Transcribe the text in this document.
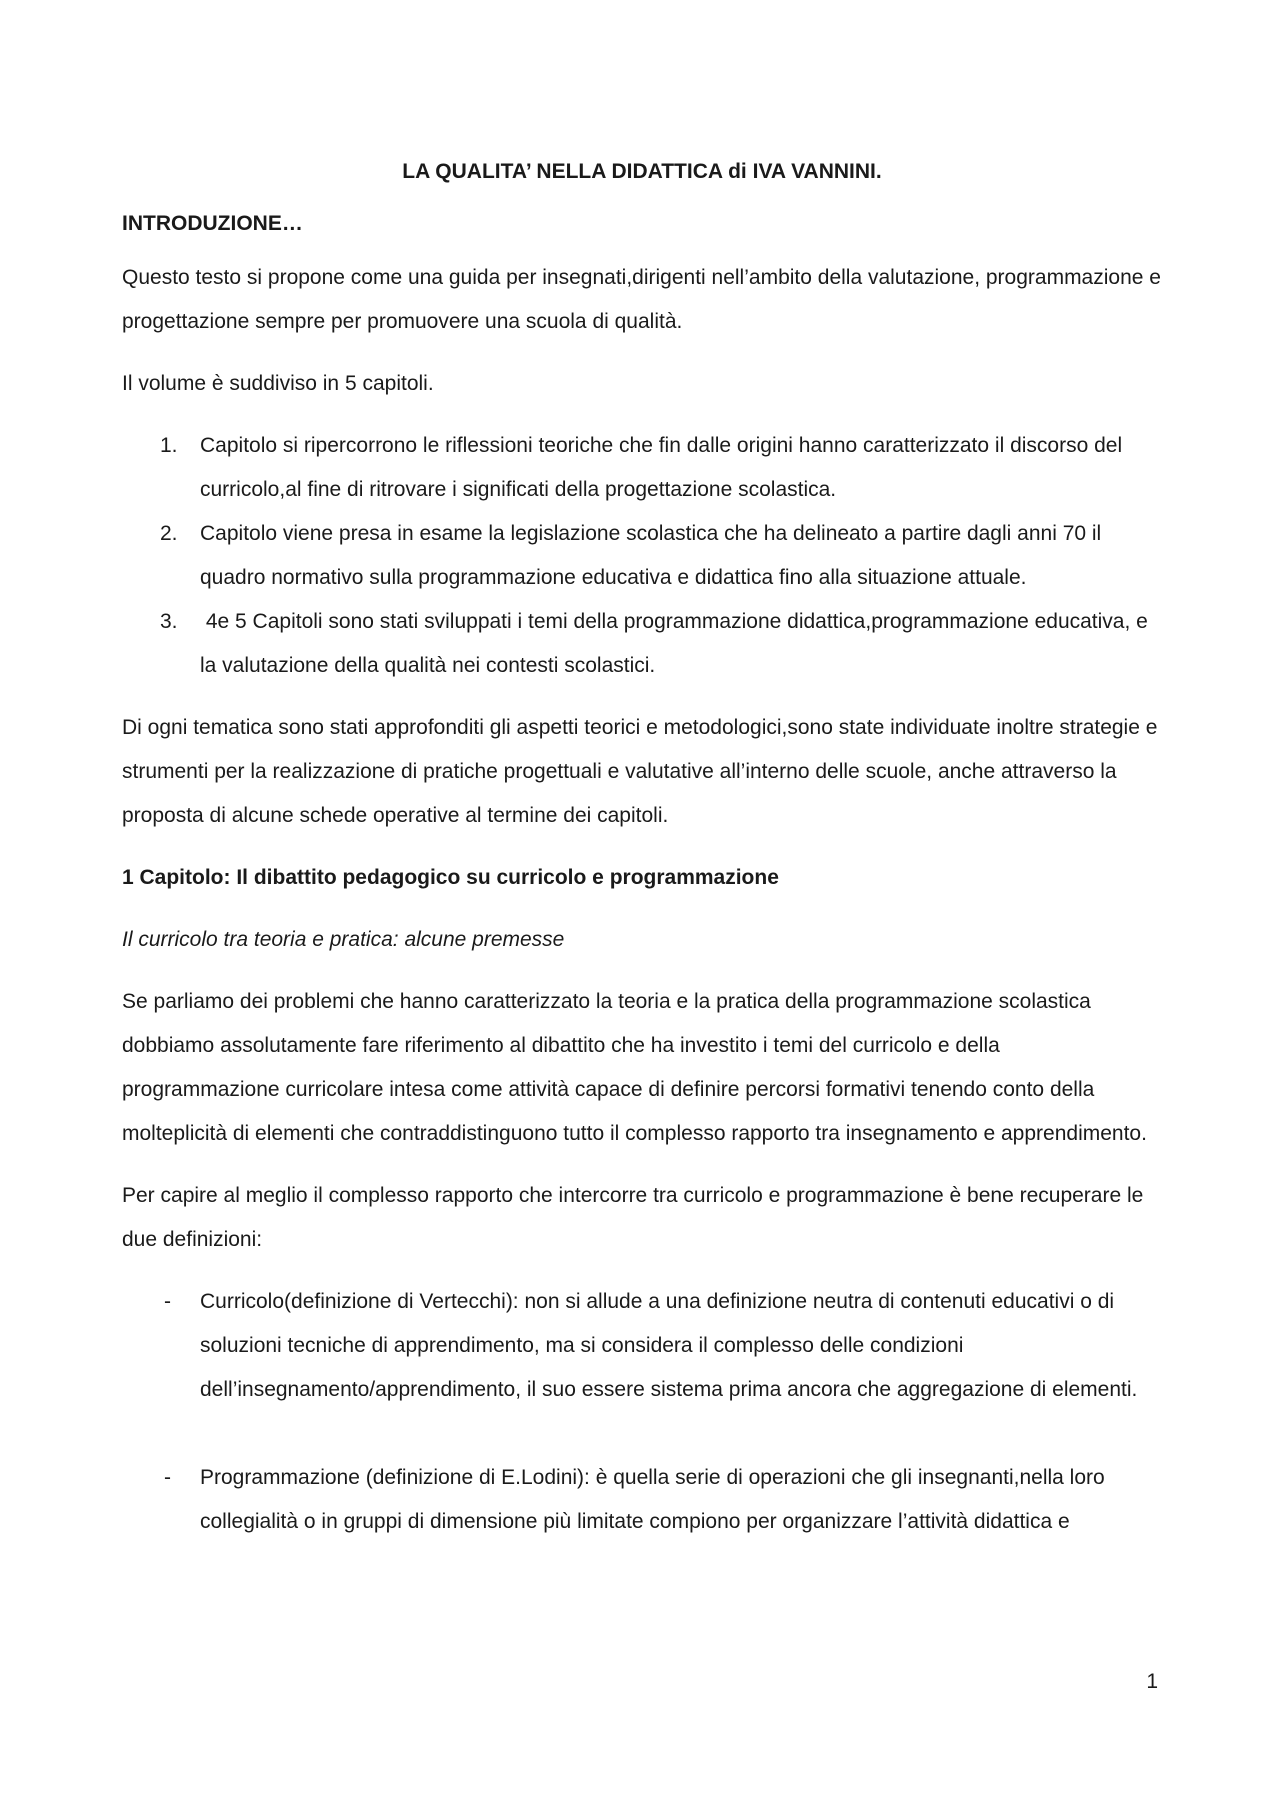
LA QUALITA’ NELLA DIDATTICA di IVA VANNINI.

INTRODUZIONE…

Questo testo si propone come una guida per insegnati,dirigenti nell’ambito della valutazione, programmazione e progettazione sempre per promuovere una scuola di qualità.

Il volume è suddiviso in 5 capitoli.

1. Capitolo si ripercorrono le riflessioni teoriche che fin dalle origini hanno caratterizzato il discorso del curricolo,al fine di ritrovare i significati della progettazione scolastica.
2. Capitolo viene presa in esame la legislazione scolastica che ha delineato a partire dagli anni 70 il quadro normativo sulla programmazione educativa e didattica fino alla situazione attuale.
3. 4e 5 Capitoli sono stati sviluppati i temi della programmazione didattica,programmazione educativa, e la valutazione della qualità nei contesti scolastici.

Di ogni tematica sono stati approfonditi gli aspetti teorici e metodologici,sono state individuate inoltre strategie e strumenti per la realizzazione di pratiche progettuali e valutative all’interno delle scuole, anche attraverso la proposta di alcune schede operative al termine dei capitoli.

1 Capitolo: Il dibattito pedagogico su curricolo e programmazione

Il curricolo tra teoria e pratica: alcune premesse

Se parliamo dei problemi che hanno caratterizzato la teoria e la pratica della programmazione scolastica dobbiamo assolutamente fare riferimento al dibattito che ha investito i temi del curricolo e della programmazione curricolare intesa come attività capace di definire percorsi formativi tenendo conto della molteplicità di elementi che contraddistinguono tutto il complesso rapporto tra insegnamento e apprendimento.

Per capire al meglio il complesso rapporto che intercorre tra curricolo e programmazione è bene recuperare le due definizioni:

- Curricolo(definizione di Vertecchi): non si allude a una definizione neutra di contenuti educativi o di soluzioni tecniche di apprendimento, ma si considera il complesso delle condizioni dell’insegnamento/apprendimento, il suo essere sistema prima ancora che aggregazione di elementi.
- Programmazione (definizione di E.Lodini): è quella serie di operazioni che gli insegnanti,nella loro collegialità o in gruppi di dimensione più limitate compiono per organizzare l’attività didattica e
1
